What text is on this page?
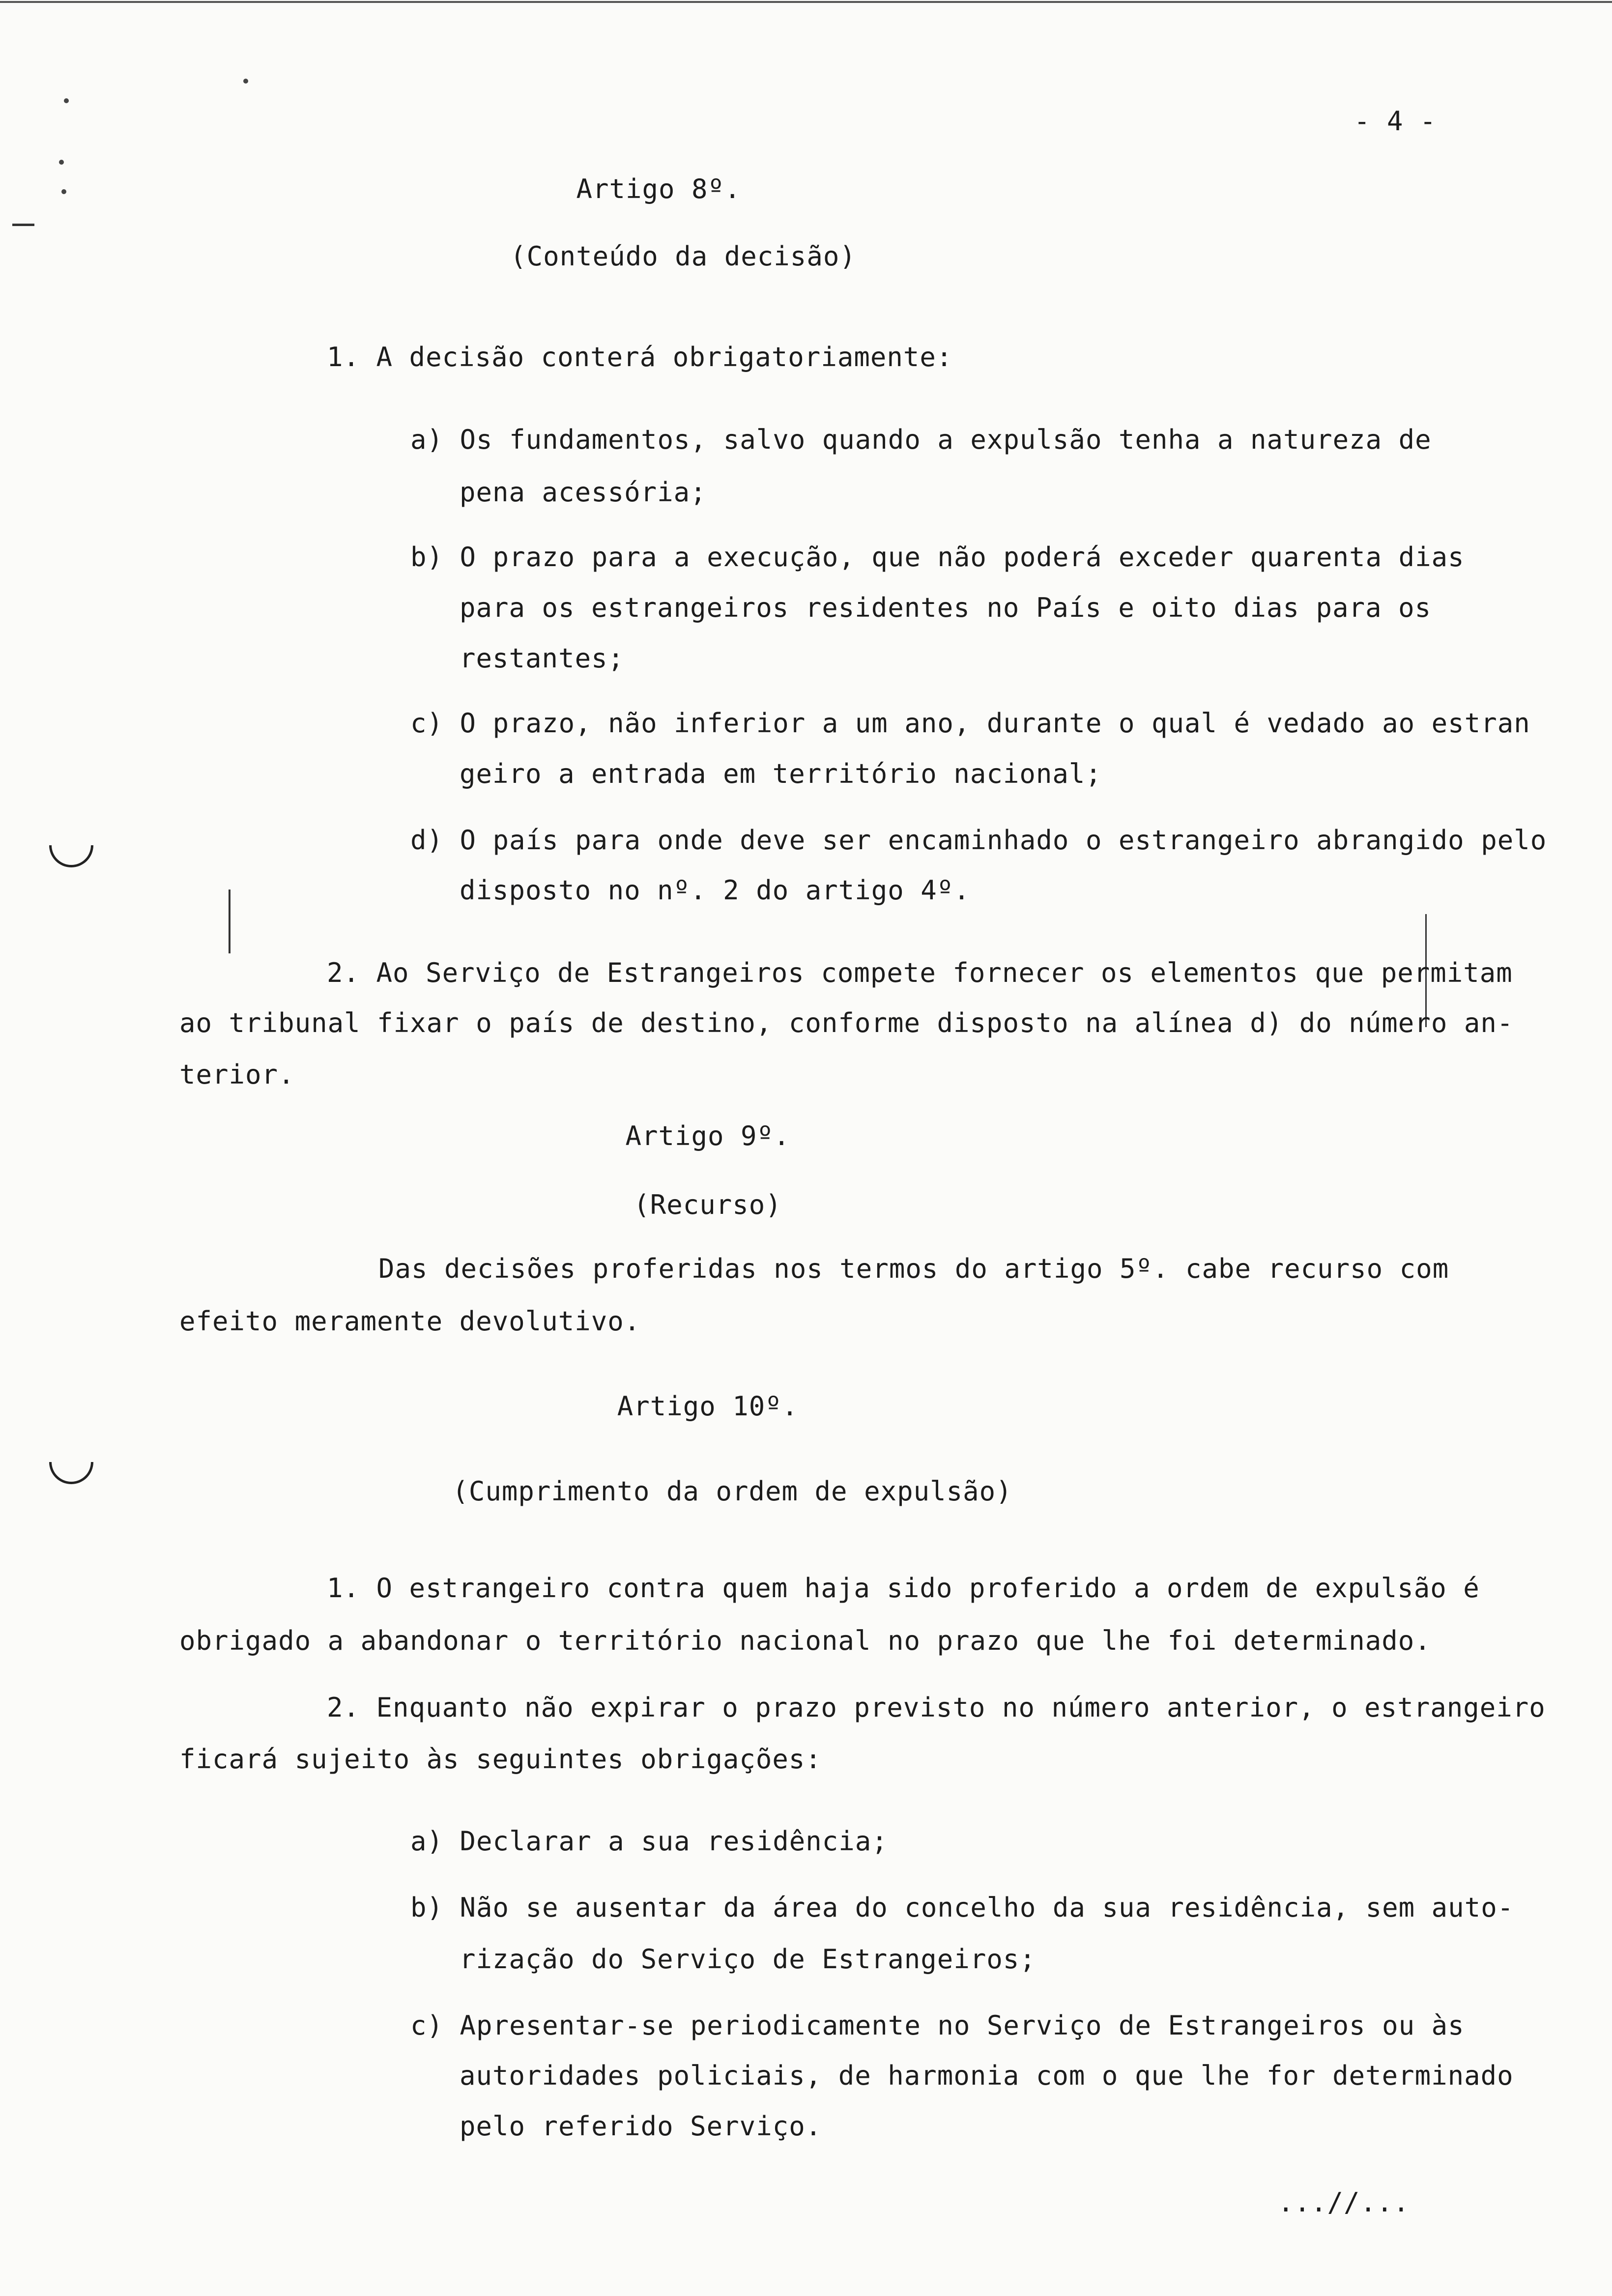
- 4 -
Artigo 8º.
(Conteúdo da decisão)
1. A decisão conterá obrigatoriamente:
a) Os fundamentos, salvo quando a expulsão tenha a natureza de
pena acessória;
b) O prazo para a execução, que não poderá exceder quarenta dias
para os estrangeiros residentes no País e oito dias para os
restantes;
c) O prazo, não inferior a um ano, durante o qual é vedado ao estran
geiro a entrada em território nacional;
d) O país para onde deve ser encaminhado o estrangeiro abrangido pelo
disposto no nº. 2 do artigo 4º.
2. Ao Serviço de Estrangeiros compete fornecer os elementos que permitam
ao tribunal fixar o país de destino, conforme disposto na alínea d) do número an-
terior.
Artigo 9º.
(Recurso)
Das decisões proferidas nos termos do artigo 5º. cabe recurso com
efeito meramente devolutivo.
Artigo 10º.
(Cumprimento da ordem de expulsão)
1. O estrangeiro contra quem haja sido proferido a ordem de expulsão é
obrigado a abandonar o território nacional no prazo que lhe foi determinado.
2. Enquanto não expirar o prazo previsto no número anterior, o estrangeiro
ficará sujeito às seguintes obrigações:
a) Declarar a sua residência;
b) Não se ausentar da área do concelho da sua residência, sem auto-
rização do Serviço de Estrangeiros;
c) Apresentar-se periodicamente no Serviço de Estrangeiros ou às
autoridades policiais, de harmonia com o que lhe for determinado
pelo referido Serviço.
...//...
